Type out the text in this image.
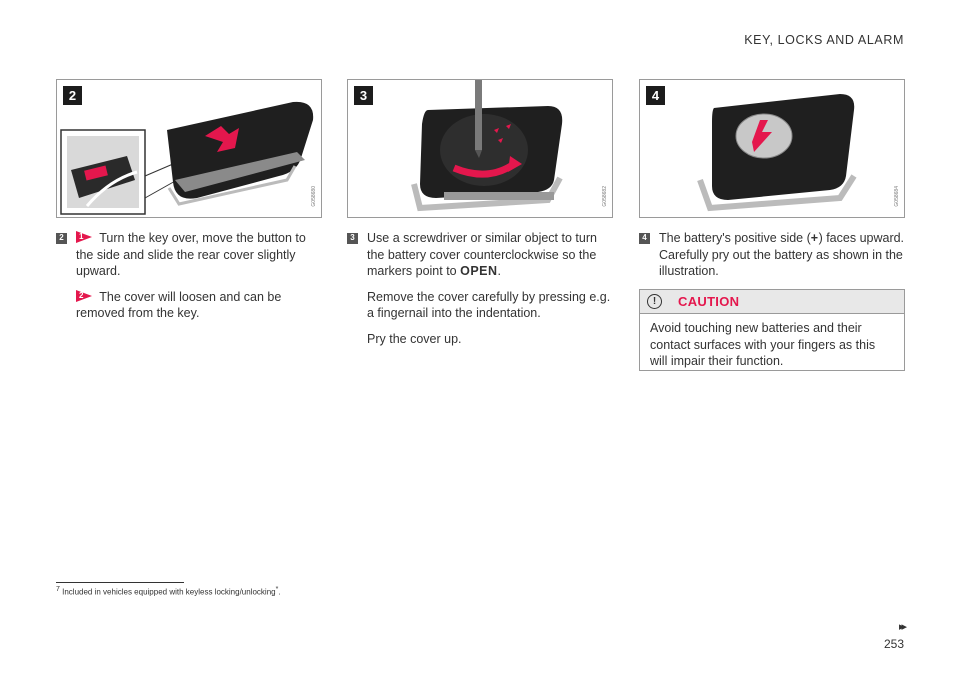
KEY, LOCKS AND ALARM
2
G058680
3
G058682
4
G058684
2	1 Turn the key over, move the button to the side and slide the rear cover slightly upward.

2 The cover will loosen and can be removed from the key.

3 Use a screwdriver or similar object to turn the battery cover counterclockwise so the markers point to OPEN.

Remove the cover carefully by pressing e.g. a fingernail into the indentation.

Pry the cover up.

4 The battery's positive side (+) faces upward. Carefully pry out the battery as shown in the illustration.

!	CAUTION
Avoid touching new batteries and their contact surfaces with your fingers as this will impair their function.
$^7$ Included in vehicles equipped with keyless locking/unlocking*.
▸▸
253
